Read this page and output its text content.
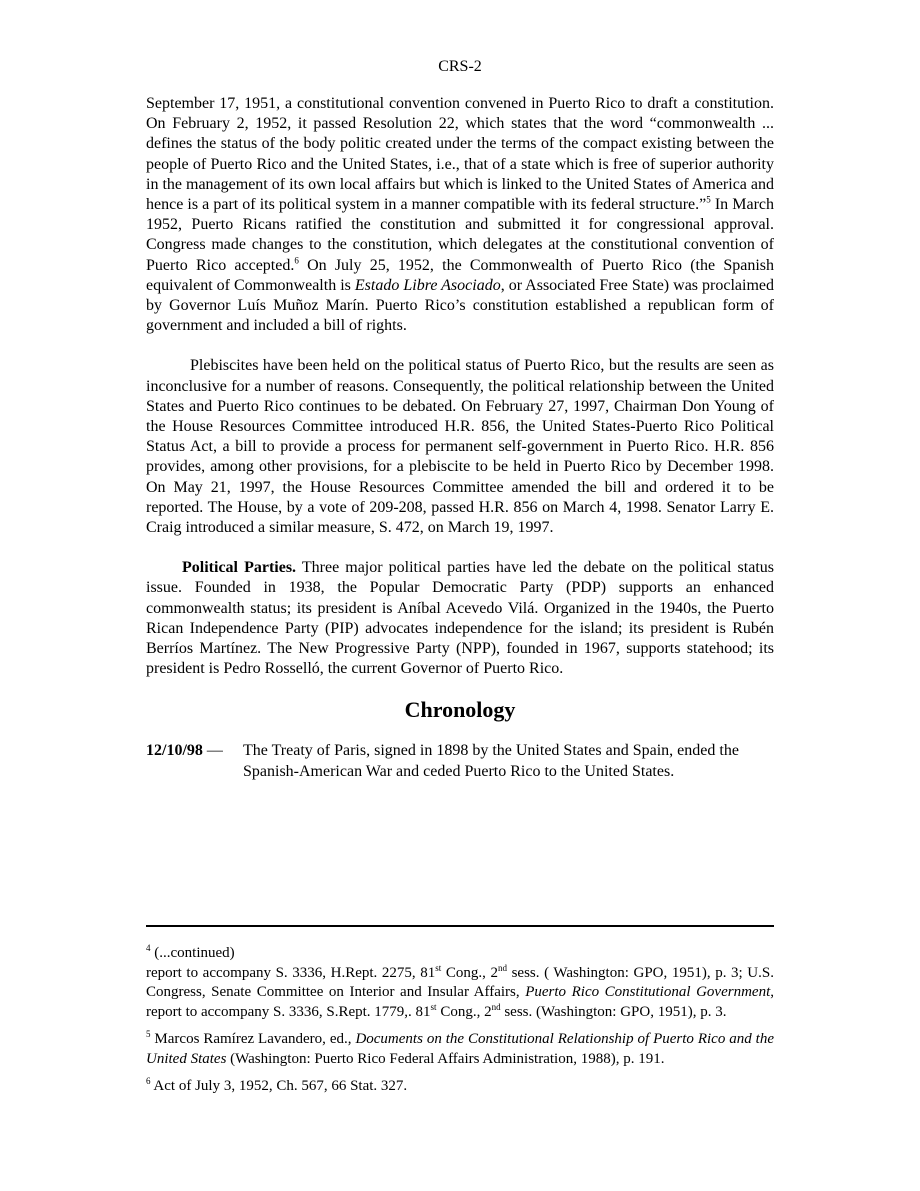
CRS-2

September 17, 1951, a constitutional convention convened in Puerto Rico to draft a constitution. On February 2, 1952, it passed Resolution 22, which states that the word “commonwealth ... defines the status of the body politic created under the terms of the compact existing between the people of Puerto Rico and the United States, i.e., that of a state which is free of superior authority in the management of its own local affairs but which is linked to the United States of America and hence is a part of its political system in a manner compatible with its federal structure.”$^5$ In March 1952, Puerto Ricans ratified the constitution and submitted it for congressional approval. Congress made changes to the constitution, which delegates at the constitutional convention of Puerto Rico accepted.$^6$ On July 25, 1952, the Commonwealth of Puerto Rico (the Spanish equivalent of Commonwealth is Estado Libre Asociado, or Associated Free State) was proclaimed by Governor Luís Muñoz Marín. Puerto Rico’s constitution established a republican form of government and included a bill of rights.

Plebiscites have been held on the political status of Puerto Rico, but the results are seen as inconclusive for a number of reasons. Consequently, the political relationship between the United States and Puerto Rico continues to be debated. On February 27, 1997, Chairman Don Young of the House Resources Committee introduced H.R. 856, the United States-Puerto Rico Political Status Act, a bill to provide a process for permanent self-government in Puerto Rico. H.R. 856 provides, among other provisions, for a plebiscite to be held in Puerto Rico by December 1998. On May 21, 1997, the House Resources Committee amended the bill and ordered it to be reported. The House, by a vote of 209-208, passed H.R. 856 on March 4, 1998. Senator Larry E. Craig introduced a similar measure, S. 472, on March 19, 1997.

Political Parties. Three major political parties have led the debate on the political status issue. Founded in 1938, the Popular Democratic Party (PDP) supports an enhanced commonwealth status; its president is Aníbal Acevedo Vilá. Organized in the 1940s, the Puerto Rican Independence Party (PIP) advocates independence for the island; its president is Rubén Berríos Martínez. The New Progressive Party (NPP), founded in 1967, supports statehood; its president is Pedro Rosselló, the current Governor of Puerto Rico.

Chronology
12/10/98 —	The Treaty of Paris, signed in 1898 by the United States and Spain, ended the Spanish-American War and ceded Puerto Rico to the United States.

$^4$ (...continued)
report to accompany S. 3336, H.Rept. 2275, 81st Cong., 2nd sess. ( Washington: GPO, 1951), p. 3; U.S. Congress, Senate Committee on Interior and Insular Affairs, Puerto Rico Constitutional Government, report to accompany S. 3336, S.Rept. 1779,. 81st Cong., 2nd sess. (Washington: GPO, 1951), p. 3.

$^5$ Marcos Ramírez Lavandero, ed., Documents on the Constitutional Relationship of Puerto Rico and the United States (Washington: Puerto Rico Federal Affairs Administration, 1988), p. 191.

$^6$ Act of July 3, 1952, Ch. 567, 66 Stat. 327.
